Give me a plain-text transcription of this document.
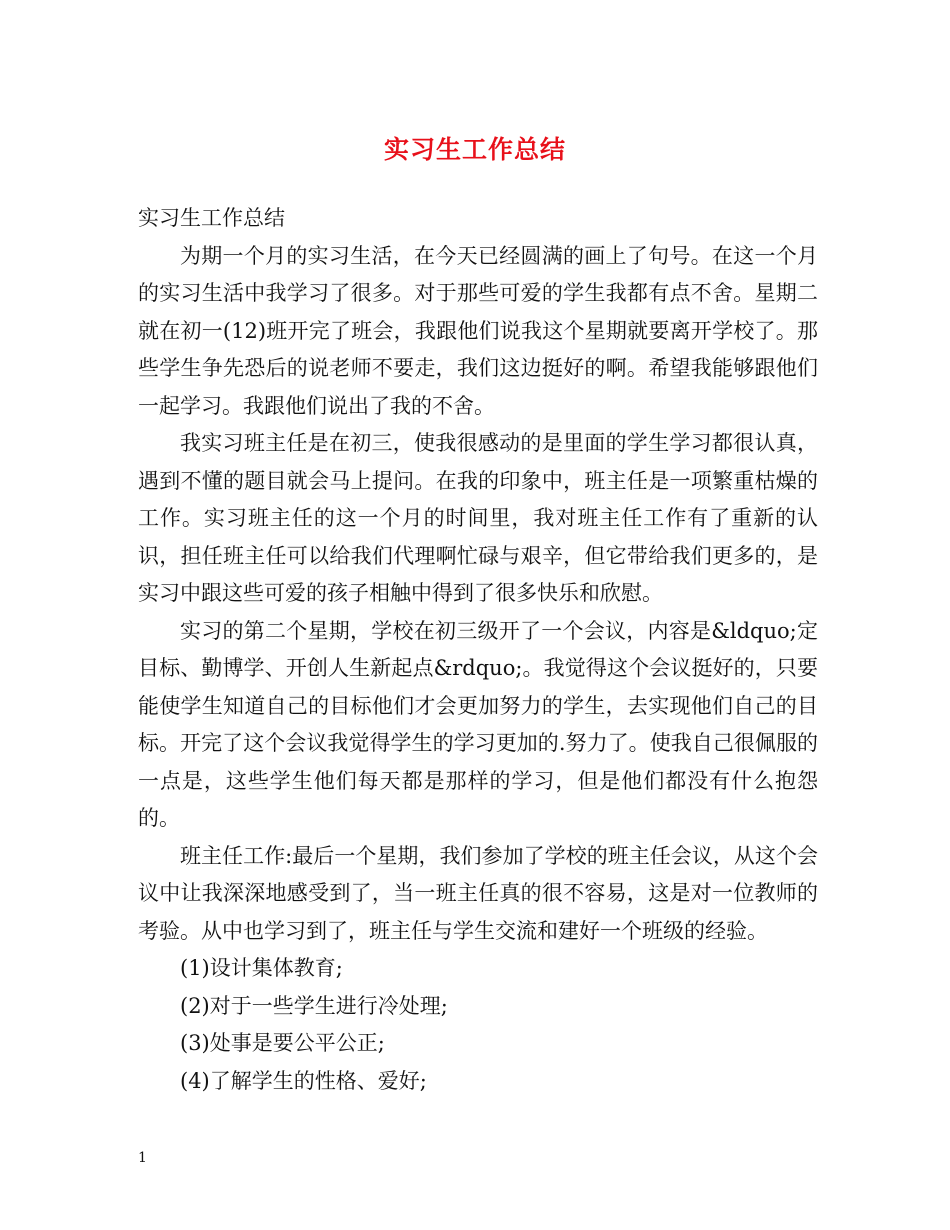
实习生工作总结

实习生工作总结

为期一个月的实习生活，在今天已经圆满的画上了句号。在这一个月的实习生活中我学习了很多。对于那些可爱的学生我都有点不舍。星期二就在初一(12)班开完了班会，我跟他们说我这个星期就要离开学校了。那些学生争先恐后的说老师不要走，我们这边挺好的啊。希望我能够跟他们一起学习。我跟他们说出了我的不舍。

我实习班主任是在初三，使我很感动的是里面的学生学习都很认真，遇到不懂的题目就会马上提问。在我的印象中，班主任是一项繁重枯燥的工作。实习班主任的这一个月的时间里，我对班主任工作有了重新的认识，担任班主任可以给我们代理啊忙碌与艰辛，但它带给我们更多的，是实习中跟这些可爱的孩子相触中得到了很多快乐和欣慰。

实习的第二个星期，学校在初三级开了一个会议，内容是&ldquo;定目标、勤博学、开创人生新起点&rdquo;。我觉得这个会议挺好的，只要能使学生知道自己的目标他们才会更加努力的学生，去实现他们自己的目标。开完了这个会议我觉得学生的学习更加的.努力了。使我自己很佩服的一点是，这些学生他们每天都是那样的学习，但是他们都没有什么抱怨的。

班主任工作:最后一个星期，我们参加了学校的班主任会议，从这个会议中让我深深地感受到了，当一班主任真的很不容易，这是对一位教师的考验。从中也学习到了，班主任与学生交流和建好一个班级的经验。

(1)设计集体教育;

(2)对于一些学生进行冷处理;

(3)处事是要公平公正;

(4)了解学生的性格、爱好;

1
